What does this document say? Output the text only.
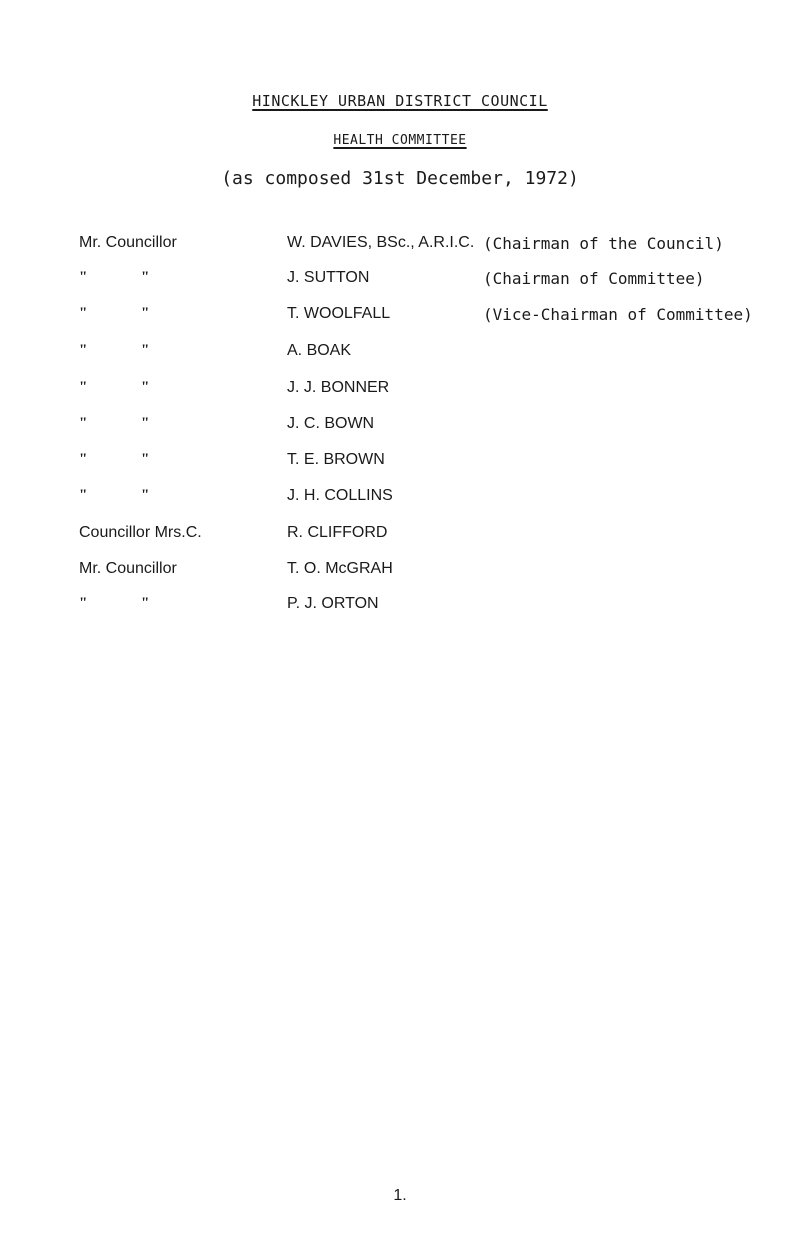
HINCKLEY URBAN DISTRICT COUNCIL
HEALTH COMMITTEE
(as composed 31st December, 1972)
Mr. Councillor	W. DAVIES, BSc., A.R.I.C. (Chairman of the Council)
"	"	J. SUTTON	(Chairman of Committee)
"	"	T. WOOLFALL	(Vice-Chairman of Committee)
"	"	A. BOAK
"	"	J. J. BONNER
"	"	J. C. BOWN
"	"	T. E. BROWN
"	"	J. H. COLLINS
Councillor Mrs.C.	R. CLIFFORD
Mr. Councillor	T. O. McGRAH
"	"	P. J. ORTON
1.
